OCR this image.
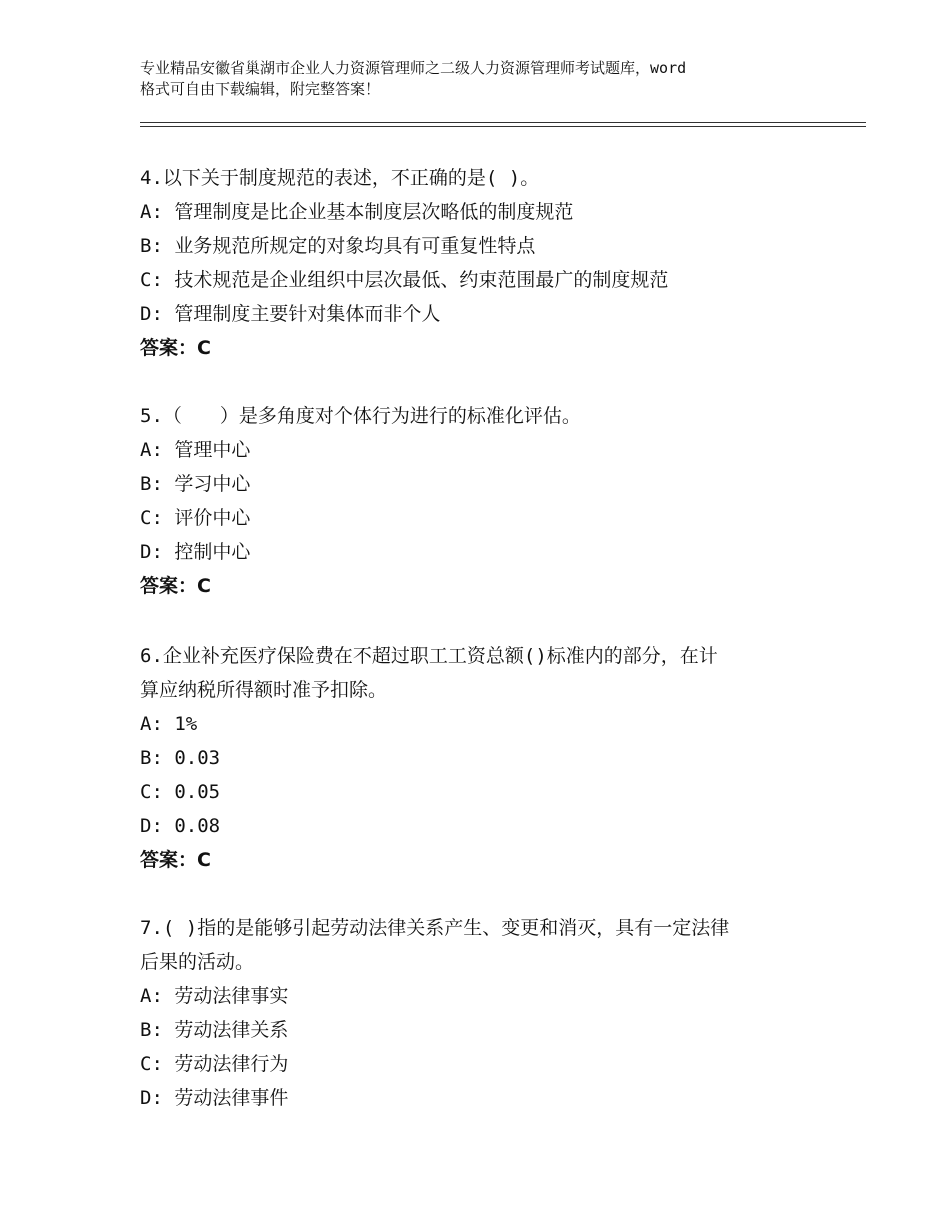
专业精品安徽省巢湖市企业人力资源管理师之二级人力资源管理师考试题库，word
格式可自由下载编辑，附完整答案！
4.以下关于制度规范的表述，不正确的是( )。
A: 管理制度是比企业基本制度层次略低的制度规范
B: 业务规范所规定的对象均具有可重复性特点
C: 技术规范是企业组织中层次最低、约束范围最广的制度规范
D: 管理制度主要针对集体而非个人
答案：C
5.（　　）是多角度对个体行为进行的标准化评估。
A: 管理中心
B: 学习中心
C: 评价中心
D: 控制中心
答案：C
6.企业补充医疗保险费在不超过职工工资总额()标准内的部分，在计
算应纳税所得额时准予扣除。
A: 1%
B: 0.03
C: 0.05
D: 0.08
答案：C
7.( )指的是能够引起劳动法律关系产生、变更和消灭，具有一定法律
后果的活动。
A: 劳动法律事实
B: 劳动法律关系
C: 劳动法律行为
D: 劳动法律事件
